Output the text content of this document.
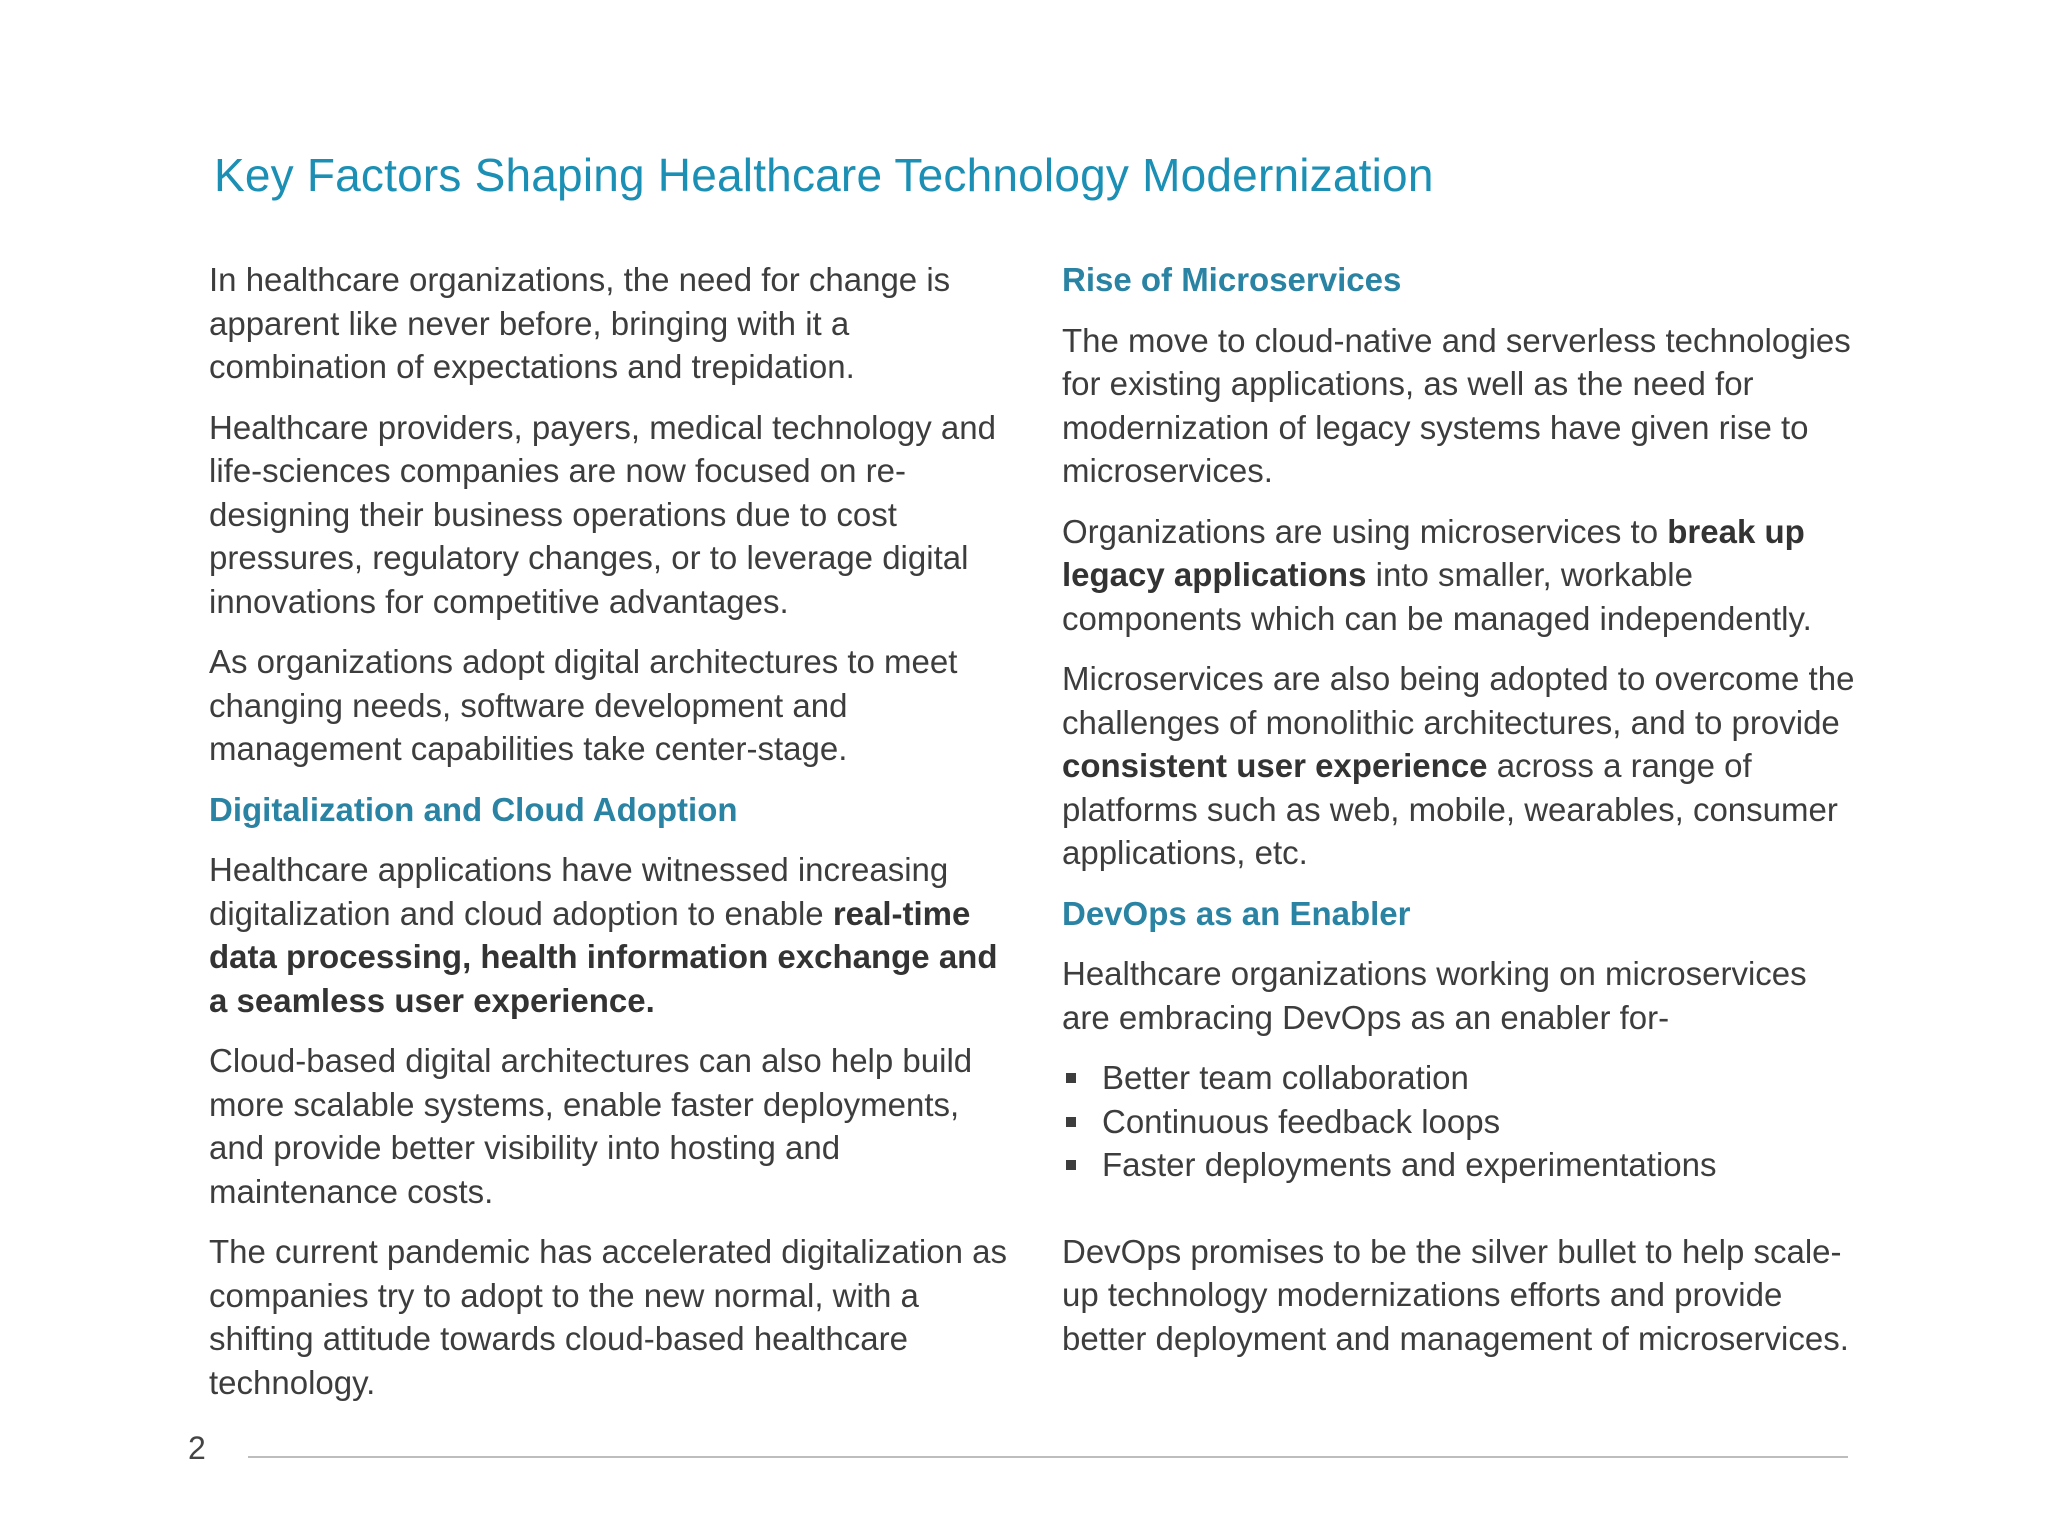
Key Factors Shaping Healthcare Technology Modernization

In healthcare organizations, the need for change is apparent like never before, bringing with it a combination of expectations and trepidation.

Healthcare providers, payers, medical technology and life-sciences companies are now focused on re-designing their business operations due to cost pressures, regulatory changes, or to leverage digital innovations for competitive advantages.

As organizations adopt digital architectures to meet changing needs, software development and management capabilities take center-stage.

Digitalization and Cloud Adoption

Healthcare applications have witnessed increasing digitalization and cloud adoption to enable real-time data processing, health information exchange and a seamless user experience.

Cloud-based digital architectures can also help build more scalable systems, enable faster deployments, and provide better visibility into hosting and maintenance costs.

The current pandemic has accelerated digitalization as companies try to adopt to the new normal, with a shifting attitude towards cloud-based healthcare technology.

Rise of Microservices

The move to cloud-native and serverless technologies for existing applications, as well as the need for modernization of legacy systems have given rise to microservices.

Organizations are using microservices to break up legacy applications into smaller, workable components which can be managed independently.

Microservices are also being adopted to overcome the challenges of monolithic architectures, and to provide consistent user experience across a range of platforms such as web, mobile, wearables, consumer applications, etc.

DevOps as an Enabler

Healthcare organizations working on microservices are embracing DevOps as an enabler for-

Better team collaboration
Continuous feedback loops
Faster deployments and experimentations

DevOps promises to be the silver bullet to help scale-up technology modernizations efforts and provide better deployment and management of microservices.

2
